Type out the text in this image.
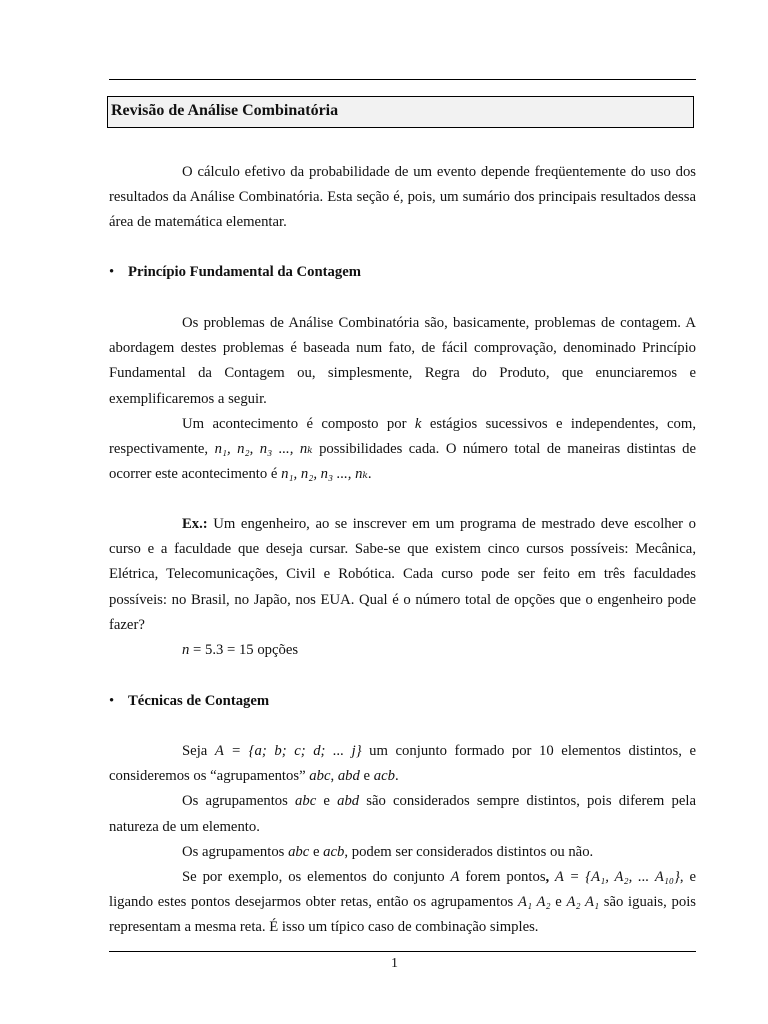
Revisão de Análise Combinatória

O cálculo efetivo da probabilidade de um evento depende freqüentemente do uso dos resultados da Análise Combinatória. Esta seção é, pois, um sumário dos principais resultados dessa área de matemática elementar.

• Princípio Fundamental da Contagem

Os problemas de Análise Combinatória são, basicamente, problemas de contagem. A abordagem destes problemas é baseada num fato, de fácil comprovação, denominado Princípio Fundamental da Contagem ou, simplesmente, Regra do Produto, que enunciaremos e exemplificaremos a seguir.

Um acontecimento é composto por k estágios sucessivos e independentes, com, respectivamente, n₁, n₂, n₃ ..., nₖ possibilidades cada. O número total de maneiras distintas de ocorrer este acontecimento é n₁, n₂, n₃ ..., nₖ.

Ex.: Um engenheiro, ao se inscrever em um programa de mestrado deve escolher o curso e a faculdade que deseja cursar. Sabe-se que existem cinco cursos possíveis: Mecânica, Elétrica, Telecomunicações, Civil e Robótica. Cada curso pode ser feito em três faculdades possíveis: no Brasil, no Japão, nos EUA. Qual é o número total de opções que o engenheiro pode fazer?

n = 5.3 = 15 opções

• Técnicas de Contagem

Seja A = {a; b; c; d; ... j} um conjunto formado por 10 elementos distintos, e consideremos os “agrupamentos” abc, abd e acb.

Os agrupamentos abc e abd são considerados sempre distintos, pois diferem pela natureza de um elemento.

Os agrupamentos abc e acb, podem ser considerados distintos ou não.

Se por exemplo, os elementos do conjunto A forem pontos, A = {A₁, A₂, ... A₁₀}, e ligando estes pontos desejarmos obter retas, então os agrupamentos A₁ A₂ e A₂ A₁ são iguais, pois representam a mesma reta. É isso um típico caso de combinação simples.

1
